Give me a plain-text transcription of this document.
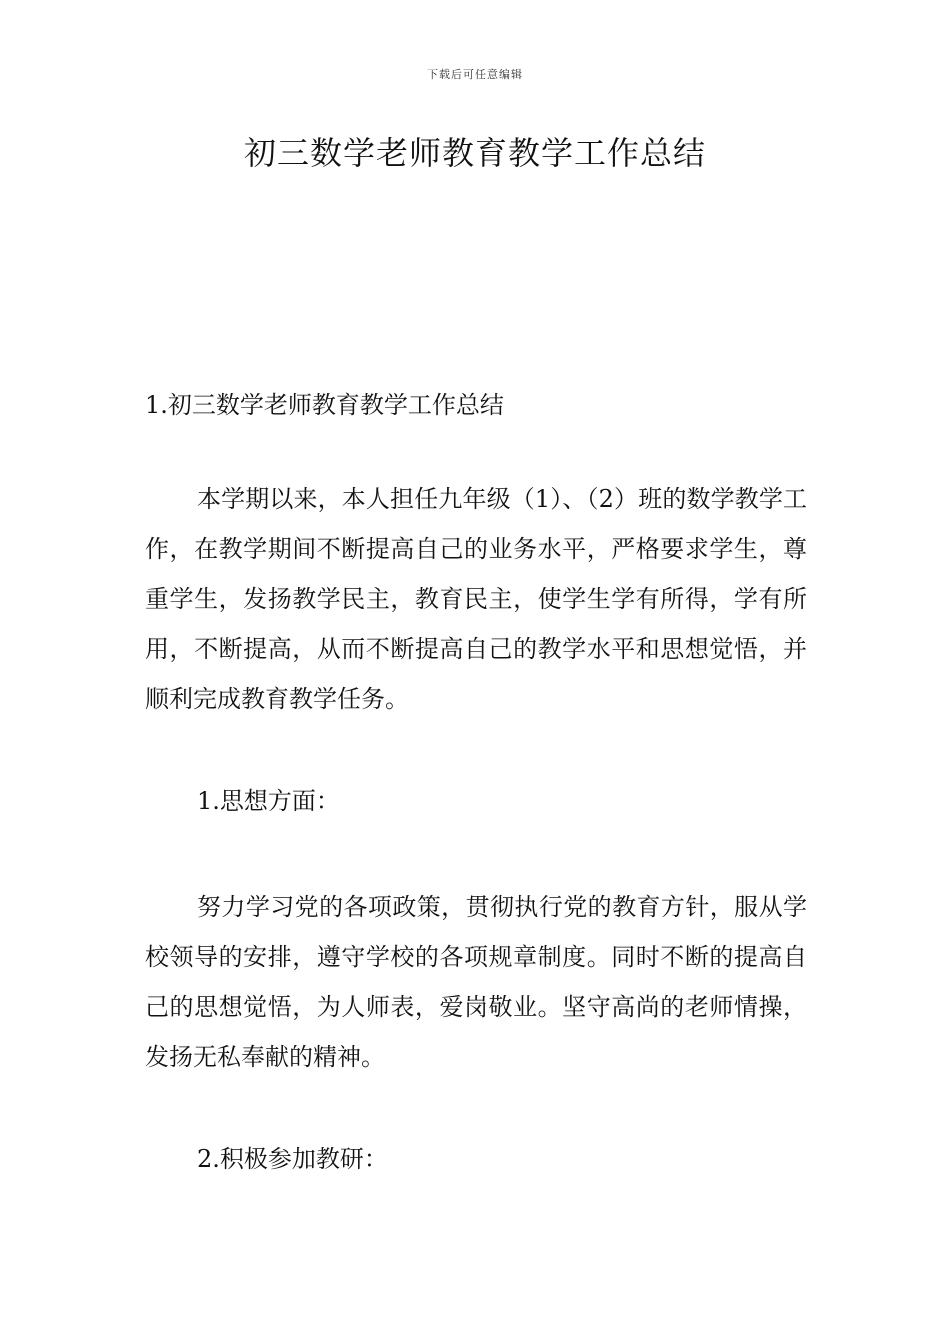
下载后可任意编辑
初三数学老师教育教学工作总结

1.初三数学老师教育教学工作总结

本学期以来，本人担任九年级（1）、（2）班的数学教学工作，在教学期间不断提高自己的业务水平，严格要求学生，尊重学生，发扬教学民主，教育民主，使学生学有所得，学有所用，不断提高，从而不断提高自己的教学水平和思想觉悟，并顺利完成教育教学任务。

1.思想方面：

努力学习党的各项政策，贯彻执行党的教育方针，服从学校领导的安排，遵守学校的各项规章制度。同时不断的提高自己的思想觉悟，为人师表，爱岗敬业。坚守高尚的老师情操，发扬无私奉献的精神。

2.积极参加教研：
